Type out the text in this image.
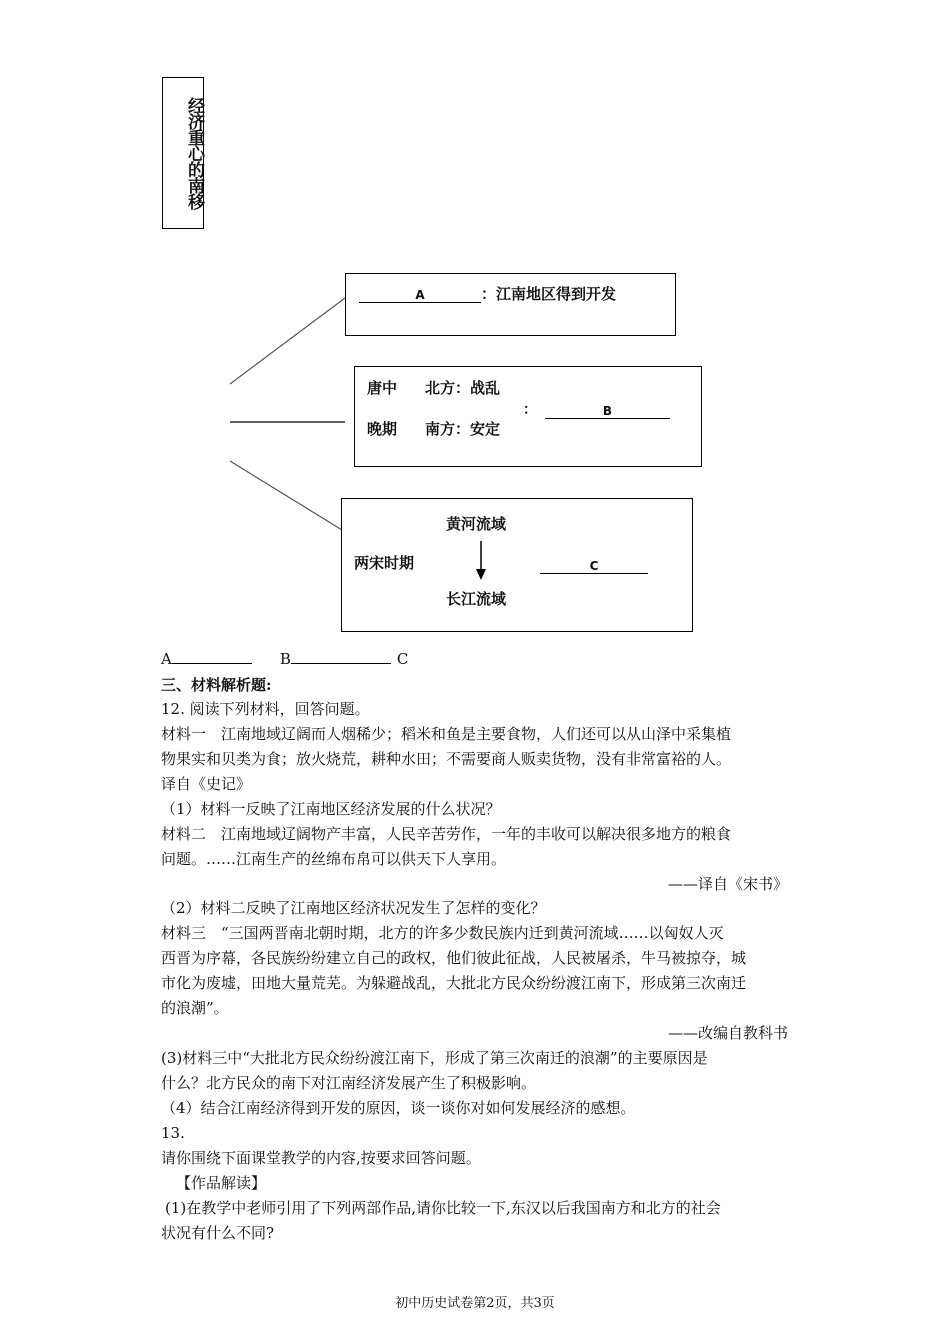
经济重心的南移
A	：江南地区得到开发
唐中 北方：战乱
晚期 南方：安定
：	B
黄河流域
两宋时期
长江流域
C
A	B	C
三、材料解析题:
12. 阅读下列材料，回答问题。
材料一　江南地域辽阔而人烟稀少；稻米和鱼是主要食物，人们还可以从山泽中采集植
物果实和贝类为食；放火烧荒，耕种水田；不需要商人贩卖货物，没有非常富裕的人。
译自《史记》
（1）材料一反映了江南地区经济发展的什么状况？
材料二　江南地域辽阔物产丰富，人民辛苦劳作，一年的丰收可以解决很多地方的粮食
问题。……江南生产的丝绵布帛可以供天下人享用。
——译自《宋书》
（2）材料二反映了江南地区经济状况发生了怎样的变化？
材料三　“三国两晋南北朝时期，北方的许多少数民族内迁到黄河流域……以匈奴人灭
西晋为序幕，各民族纷纷建立自己的政权，他们彼此征战，人民被屠杀，牛马被掠夺，城
市化为废墟，田地大量荒芜。为躲避战乱，大批北方民众纷纷渡江南下，形成第三次南迁
的浪潮”。
——改编自教科书
(3)材料三中“大批北方民众纷纷渡江南下，形成了第三次南迁的浪潮”的主要原因是
什么？北方民众的南下对江南经济发展产生了积极影响。
（4）结合江南经济得到开发的原因，谈一谈你对如何发展经济的感想。
13.
请你围绕下面课堂教学的内容,按要求回答问题。
【作品解读】
(1)在教学中老师引用了下列两部作品,请你比较一下,东汉以后我国南方和北方的社会
状况有什么不同?
初中历史试卷第2页，共3页
